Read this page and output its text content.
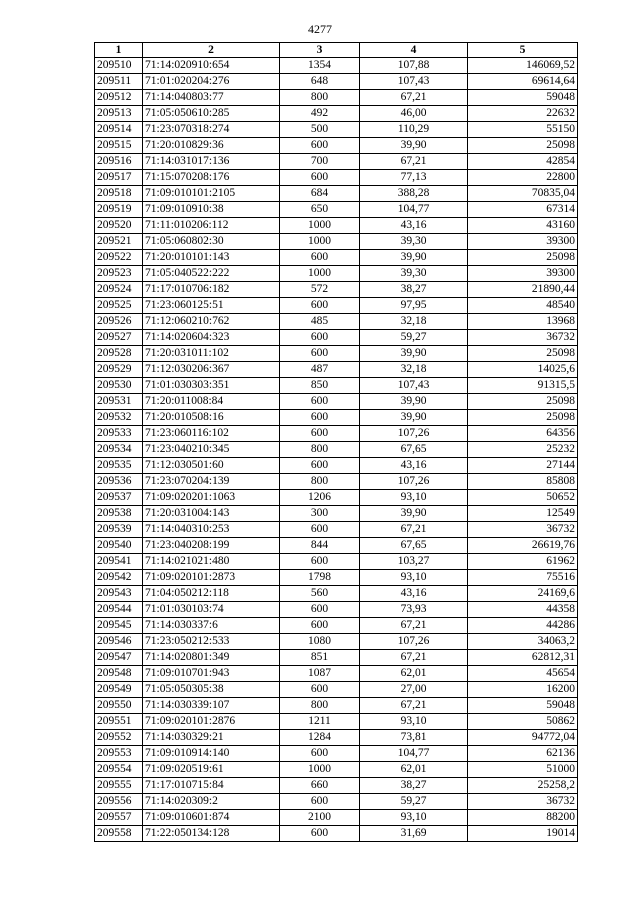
4277
1	2	3	4	5
209510	71:14:020910:654	1354	107,88	146069,52
209511	71:01:020204:276	648	107,43	69614,64
209512	71:14:040803:77	800	67,21	59048
209513	71:05:050610:285	492	46,00	22632
209514	71:23:070318:274	500	110,29	55150
209515	71:20:010829:36	600	39,90	25098
209516	71:14:031017:136	700	67,21	42854
209517	71:15:070208:176	600	77,13	22800
209518	71:09:010101:2105	684	388,28	70835,04
209519	71:09:010910:38	650	104,77	67314
209520	71:11:010206:112	1000	43,16	43160
209521	71:05:060802:30	1000	39,30	39300
209522	71:20:010101:143	600	39,90	25098
209523	71:05:040522:222	1000	39,30	39300
209524	71:17:010706:182	572	38,27	21890,44
209525	71:23:060125:51	600	97,95	48540
209526	71:12:060210:762	485	32,18	13968
209527	71:14:020604:323	600	59,27	36732
209528	71:20:031011:102	600	39,90	25098
209529	71:12:030206:367	487	32,18	14025,6
209530	71:01:030303:351	850	107,43	91315,5
209531	71:20:011008:84	600	39,90	25098
209532	71:20:010508:16	600	39,90	25098
209533	71:23:060116:102	600	107,26	64356
209534	71:23:040210:345	800	67,65	25232
209535	71:12:030501:60	600	43,16	27144
209536	71:23:070204:139	800	107,26	85808
209537	71:09:020201:1063	1206	93,10	50652
209538	71:20:031004:143	300	39,90	12549
209539	71:14:040310:253	600	67,21	36732
209540	71:23:040208:199	844	67,65	26619,76
209541	71:14:021021:480	600	103,27	61962
209542	71:09:020101:2873	1798	93,10	75516
209543	71:04:050212:118	560	43,16	24169,6
209544	71:01:030103:74	600	73,93	44358
209545	71:14:030337:6	600	67,21	44286
209546	71:23:050212:533	1080	107,26	34063,2
209547	71:14:020801:349	851	67,21	62812,31
209548	71:09:010701:943	1087	62,01	45654
209549	71:05:050305:38	600	27,00	16200
209550	71:14:030339:107	800	67,21	59048
209551	71:09:020101:2876	1211	93,10	50862
209552	71:14:030329:21	1284	73,81	94772,04
209553	71:09:010914:140	600	104,77	62136
209554	71:09:020519:61	1000	62,01	51000
209555	71:17:010715:84	660	38,27	25258,2
209556	71:14:020309:2	600	59,27	36732
209557	71:09:010601:874	2100	93,10	88200
209558	71:22:050134:128	600	31,69	19014
